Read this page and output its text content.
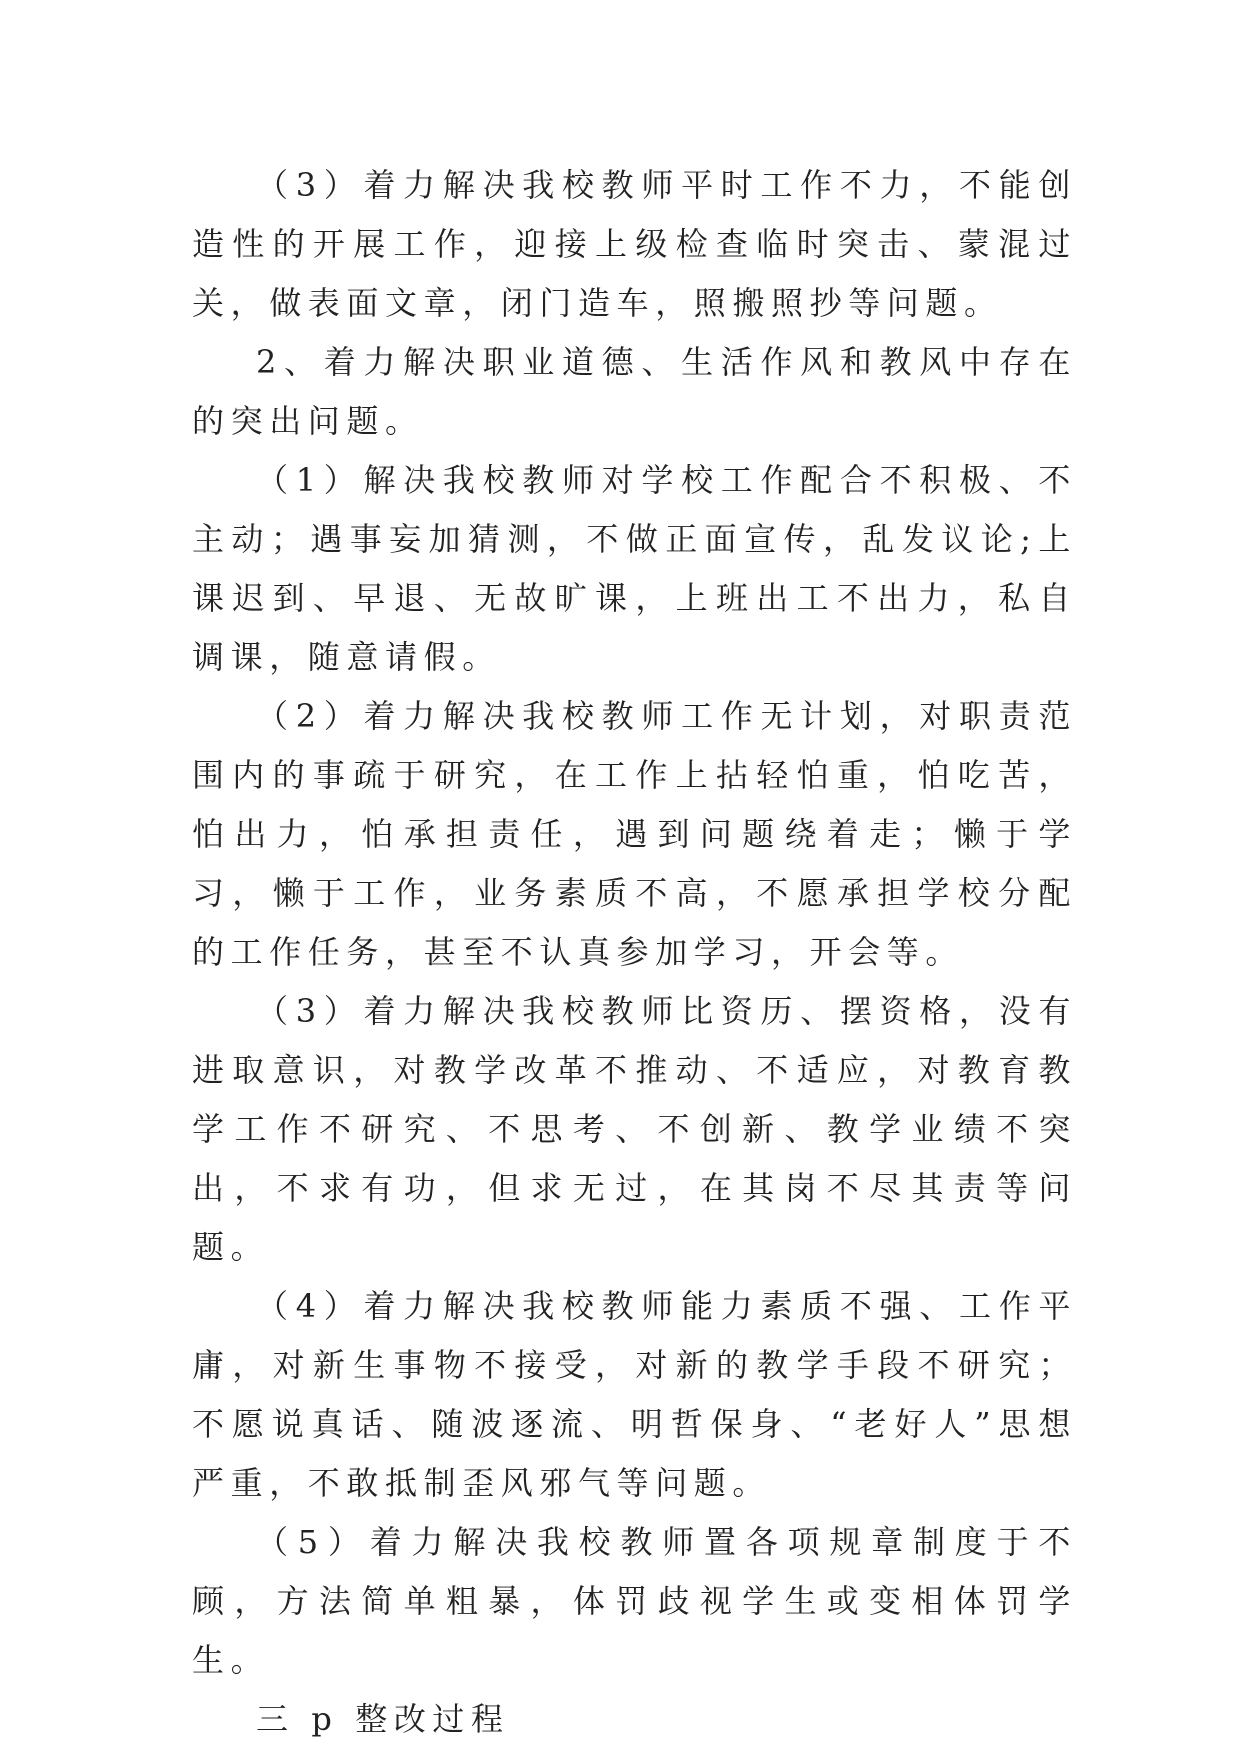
（3）着力解决我校教师平时工作不力，不能创造性的开展工作，迎接上级检查临时突击、蒙混过关，做表面文章，闭门造车，照搬照抄等问题。

2、着力解决职业道德、生活作风和教风中存在的突出问题。

（1）解决我校教师对学校工作配合不积极、不主动；遇事妄加猜测，不做正面宣传，乱发议论;上课迟到、早退、无故旷课，上班出工不出力，私自调课，随意请假。

（2）着力解决我校教师工作无计划，对职责范围内的事疏于研究，在工作上拈轻怕重，怕吃苦，怕出力，怕承担责任，遇到问题绕着走；懒于学习，懒于工作，业务素质不高，不愿承担学校分配的工作任务，甚至不认真参加学习，开会等。

（3）着力解决我校教师比资历、摆资格，没有进取意识，对教学改革不推动、不适应，对教育教学工作不研究、不思考、不创新、教学业绩不突出，不求有功，但求无过，在其岗不尽其责等问题。

（4）着力解决我校教师能力素质不强、工作平庸，对新生事物不接受，对新的教学手段不研究；不愿说真话、随波逐流、明哲保身、“老好人”思想严重，不敢抵制歪风邪气等问题。

（5）着力解决我校教师置各项规章制度于不顾，方法简单粗暴，体罚歧视学生或变相体罚学生。

三 p 整改过程
